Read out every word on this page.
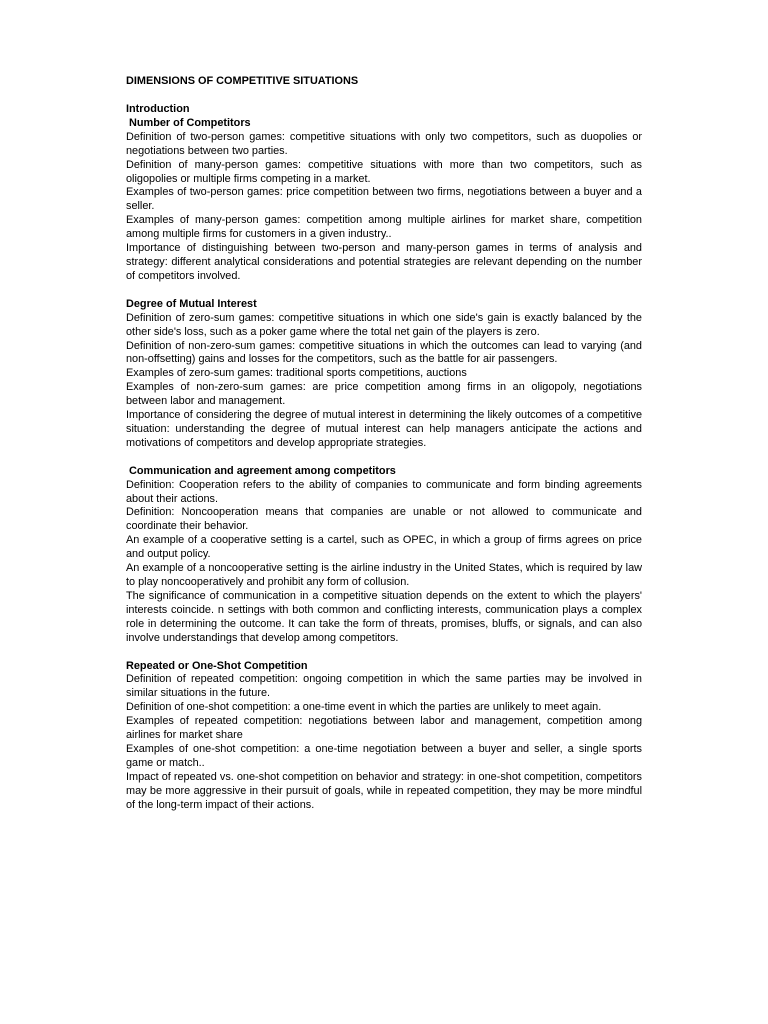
DIMENSIONS OF COMPETITIVE SITUATIONS
Introduction
Number of Competitors

Definition of two-person games: competitive situations with only two competitors, such as duopolies or negotiations between two parties.

Definition of many-person games: competitive situations with more than two competitors, such as oligopolies or multiple firms competing in a market.

Examples of two-person games: price competition between two firms, negotiations between a buyer and a seller.

Examples of many-person games: competition among multiple airlines for market share, competition among multiple firms for customers in a given industry..

Importance of distinguishing between two-person and many-person games in terms of analysis and strategy: different analytical considerations and potential strategies are relevant depending on the number of competitors involved.

Degree of Mutual Interest

Definition of zero-sum games: competitive situations in which one side's gain is exactly balanced by the other side's loss, such as a poker game where the total net gain of the players is zero.

Definition of non-zero-sum games: competitive situations in which the outcomes can lead to varying (and non-offsetting) gains and losses for the competitors, such as the battle for air passengers.

Examples of zero-sum games: traditional sports competitions, auctions

Examples of non-zero-sum games: are price competition among firms in an oligopoly, negotiations between labor and management.

Importance of considering the degree of mutual interest in determining the likely outcomes of a competitive situation: understanding the degree of mutual interest can help managers anticipate the actions and motivations of competitors and develop appropriate strategies.

Communication and agreement among competitors

Definition: Cooperation refers to the ability of companies to communicate and form binding agreements about their actions.

Definition: Noncooperation means that companies are unable or not allowed to communicate and coordinate their behavior.

An example of a cooperative setting is a cartel, such as OPEC, in which a group of firms agrees on price and output policy.

An example of a noncooperative setting is the airline industry in the United States, which is required by law to play noncooperatively and prohibit any form of collusion.

The significance of communication in a competitive situation depends on the extent to which the players' interests coincide. n settings with both common and conflicting interests, communication plays a complex role in determining the outcome. It can take the form of threats, promises, bluffs, or signals, and can also involve understandings that develop among competitors.

Repeated or One-Shot Competition

Definition of repeated competition: ongoing competition in which the same parties may be involved in similar situations in the future.

Definition of one-shot competition: a one-time event in which the parties are unlikely to meet again.

Examples of repeated competition: negotiations between labor and management, competition among airlines for market share

Examples of one-shot competition: a one-time negotiation between a buyer and seller, a single sports game or match..

Impact of repeated vs. one-shot competition on behavior and strategy: in one-shot competition, competitors may be more aggressive in their pursuit of goals, while in repeated competition, they may be more mindful of the long-term impact of their actions.
